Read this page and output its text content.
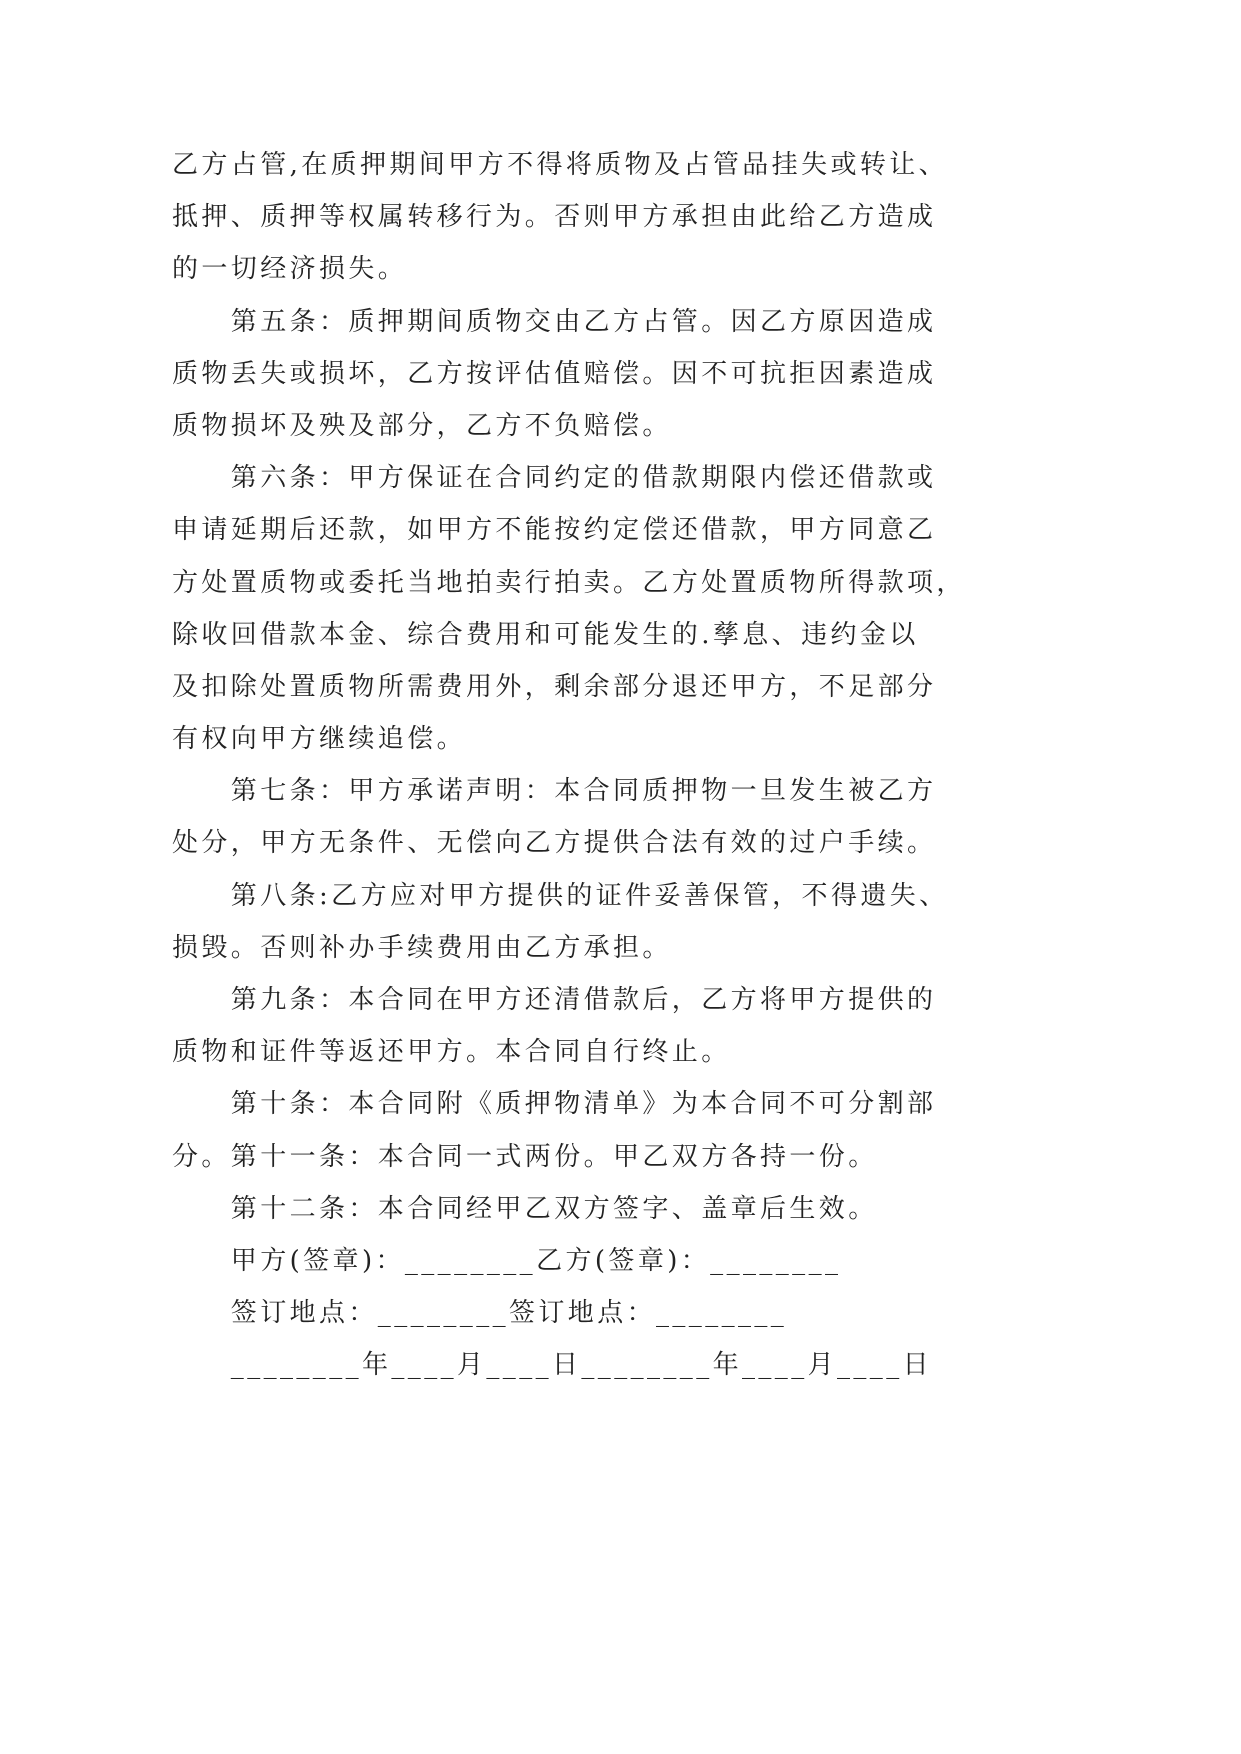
乙方占管,在质押期间甲方不得将质物及占管品挂失或转让、
抵押、质押等权属转移行为。否则甲方承担由此给乙方造成
的一切经济损失。
第五条：质押期间质物交由乙方占管。因乙方原因造成
质物丢失或损坏，乙方按评估值赔偿。因不可抗拒因素造成
质物损坏及殃及部分，乙方不负赔偿。
第六条：甲方保证在合同约定的借款期限内偿还借款或
申请延期后还款，如甲方不能按约定偿还借款，甲方同意乙
方处置质物或委托当地拍卖行拍卖。乙方处置质物所得款项，
除收回借款本金、综合费用和可能发生的.孳息、违约金以
及扣除处置质物所需费用外，剩余部分退还甲方，不足部分
有权向甲方继续追偿。
第七条：甲方承诺声明：本合同质押物一旦发生被乙方
处分，甲方无条件、无偿向乙方提供合法有效的过户手续。
第八条:乙方应对甲方提供的证件妥善保管，不得遗失、
损毁。否则补办手续费用由乙方承担。
第九条：本合同在甲方还清借款后，乙方将甲方提供的
质物和证件等返还甲方。本合同自行终止。
第十条：本合同附《质押物清单》为本合同不可分割部
分。第十一条：本合同一式两份。甲乙双方各持一份。
第十二条：本合同经甲乙双方签字、盖章后生效。
甲方(签章)：________乙方(签章)：________
签订地点：________签订地点：________
________年____月____日________年____月____日
